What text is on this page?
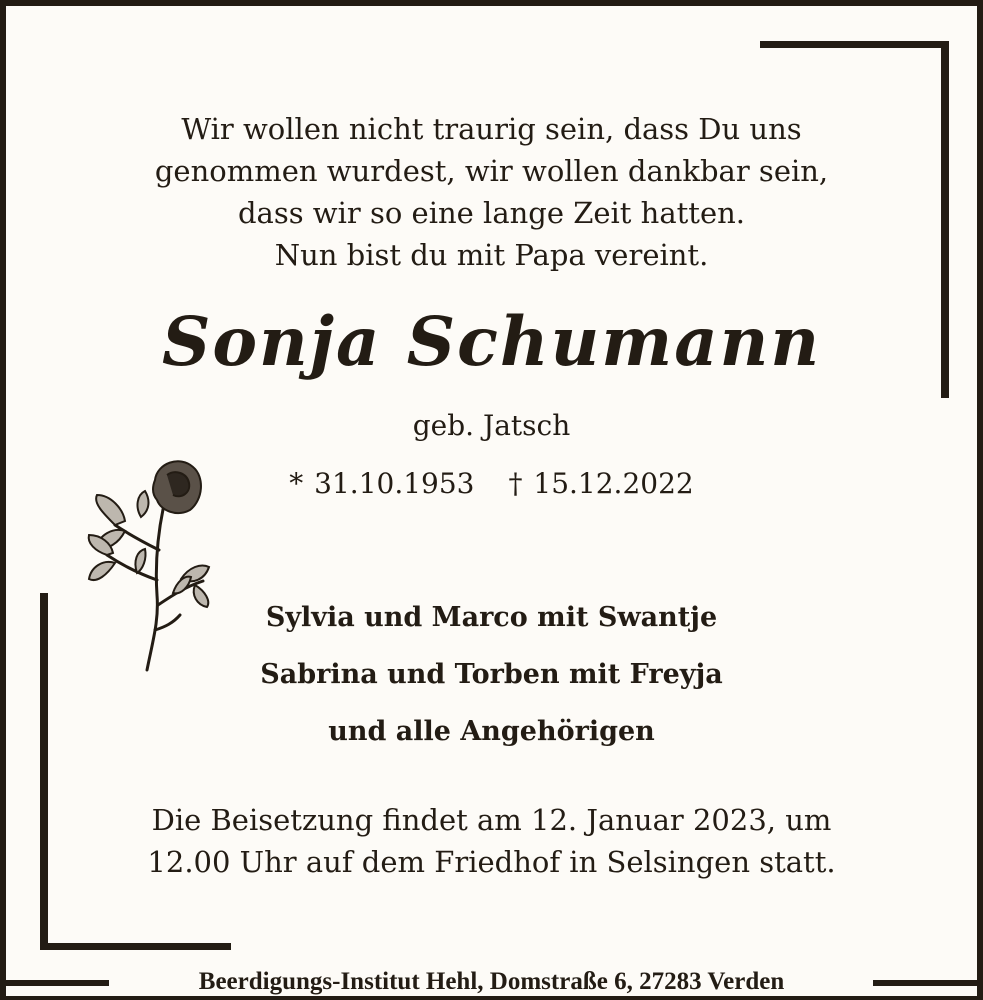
Wir wollen nicht traurig sein, dass Du uns
genommen wurdest, wir wollen dankbar sein,
dass wir so eine lange Zeit hatten.
Nun bist du mit Papa vereint.
Sonja Schumann
geb. Jatsch
* 31.10.1953 † 15.12.2022
Sylvia und Marco mit Swantje
Sabrina und Torben mit Freyja
und alle Angehörigen
Die Beisetzung findet am 12. Januar 2023, um
12.00 Uhr auf dem Friedhof in Selsingen statt.
Beerdigungs-Institut Hehl, Domstraße 6, 27283 Verden
